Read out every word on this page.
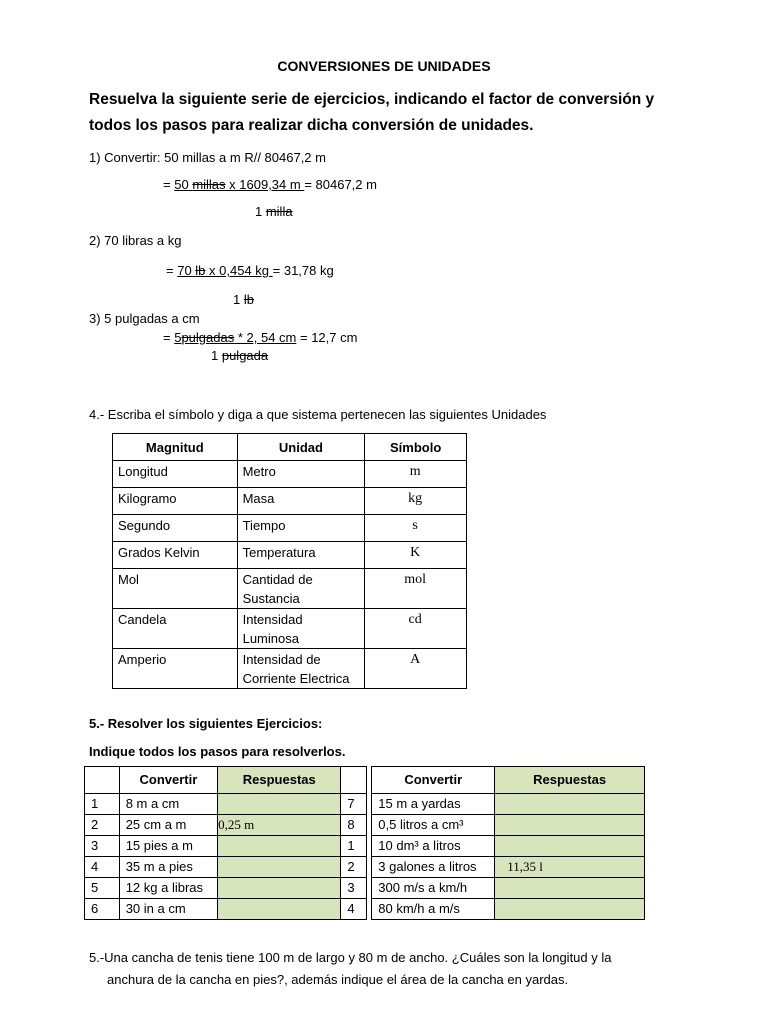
CONVERSIONES DE UNIDADES
Resuelva la siguiente serie de ejercicios, indicando el factor de conversión y
todos los pasos para realizar dicha conversión de unidades.
1) Convertir: 50 millas a m R// 80467,2 m
= 50 millas x 1609,34 m = 80467,2 m
1 milla
2) 70 libras a kg
= 70 lb x 0,454 kg = 31,78 kg
1 lb
3) 5 pulgadas a cm
= 5pulgadas * 2, 54 cm = 12,7 cm
1 pulgada
4.- Escriba el símbolo y diga a que sistema pertenecen las siguientes Unidades
Magnitud	Unidad	Símbolo
Longitud	Metro	m
Kilogramo	Masa	kg
Segundo	Tiempo	s
Grados Kelvin	Temperatura	K
Mol	Cantidad de Sustancia	mol
Candela	Intensidad Luminosa	cd
Amperio	Intensidad de Corriente Electrica	A
5.- Resolver los siguientes Ejercicios:
Indique todos los pasos para resolverlos.
	Convertir	Respuestas			Convertir	Respuestas
1	8 m a cm		7		15 m a yardas	
2	25 cm a m	0,25 m	8		0,5 litros a cm³	
3	15 pies a m		1		10 dm³ a litros	
4	35 m a pies		2		3 galones a litros	11,35 l
5	12 kg a libras		3		300 m/s a km/h	
6	30 in a cm		4		80 km/h a m/s	
5.-Una cancha de tenis tiene 100 m de largo y 80 m de ancho. ¿Cuáles son la longitud y la
anchura de la cancha en pies?, además indique el área de la cancha en yardas.
